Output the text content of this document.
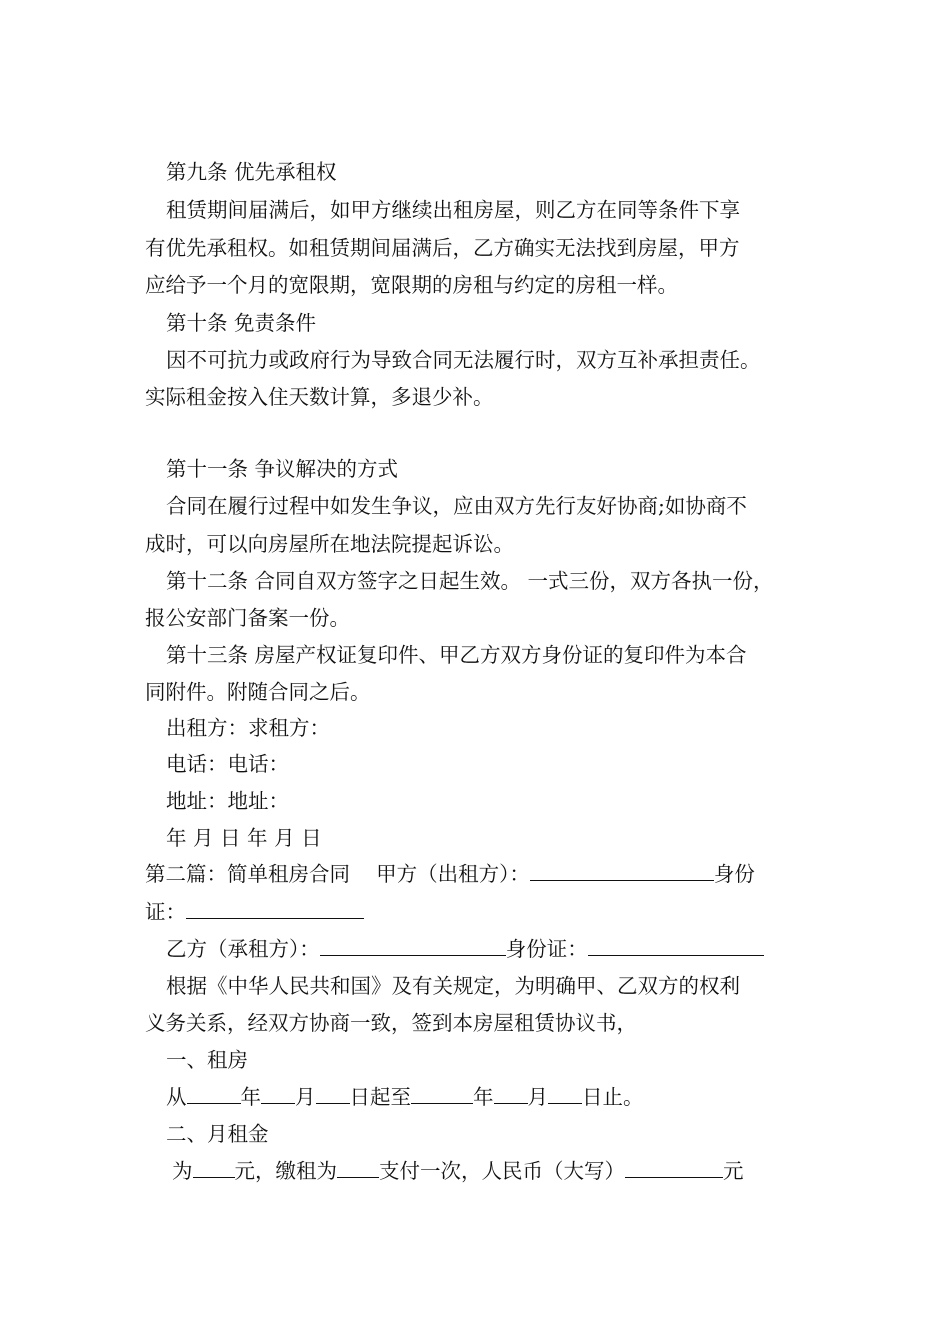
第九条 优先承租权
租赁期间届满后，如甲方继续出租房屋，则乙方在同等条件下享
有优先承租权。如租赁期间届满后，乙方确实无法找到房屋，甲方
应给予一个月的宽限期，宽限期的房租与约定的房租一样。
第十条 免责条件
因不可抗力或政府行为导致合同无法履行时，双方互补承担责任。
实际租金按入住天数计算，多退少补。
第十一条 争议解决的方式
合同在履行过程中如发生争议，应由双方先行友好协商;如协商不
成时，可以向房屋所在地法院提起诉讼。
第十二条 合同自双方签字之日起生效。 一式三份，双方各执一份，
报公安部门备案一份。
第十三条 房屋产权证复印件、甲乙方双方身份证的复印件为本合
同附件。附随合同之后。
出租方：求租方：
电话：电话：
地址：地址：
年 月 日 年 月 日
第二篇：简单租房合同 甲方（出租方）：	身份
证：
乙方（承租方）：	身份证：
根据《中华人民共和国》及有关规定，为明确甲、乙双方的权利
义务关系，经双方协商一致，签到本房屋租赁协议书，
一、租房
从	年 月 日起至	年 月 日止。
二、月租金
为 元，缴租为 支付一次，人民币（大写）	元
